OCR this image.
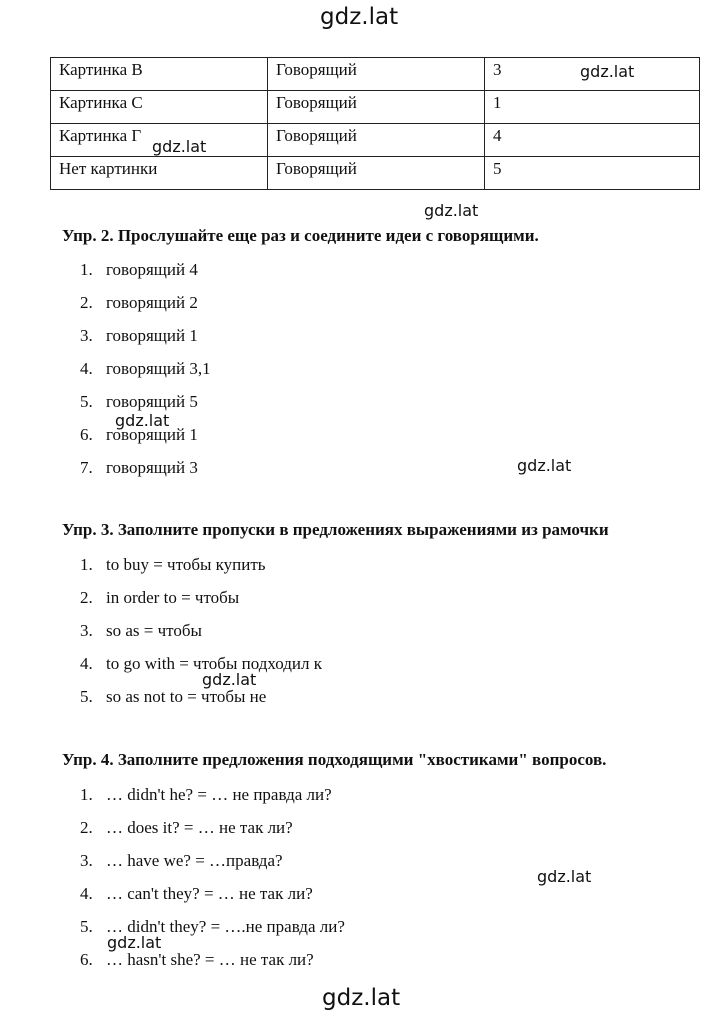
gdz.lat
gdz.lat
gdz.lat
gdz.lat
gdz.lat
gdz.lat
gdz.lat
gdz.lat
gdz.lat
gdz.lat
Картинка B	Говорящий	3
Картинка C	Говорящий	1
Картинка Г	Говорящий	4
Нет картинки	Говорящий	5
Упр. 2. Прослушайте еще раз и соедините идеи с говорящими.
1. говорящий 4
2. говорящий 2
3. говорящий 1
4. говорящий 3,1
5. говорящий 5
6. говорящий 1
7. говорящий 3
Упр. 3. Заполните пропуски в предложениях выражениями из рамочки
1. to buy = чтобы купить
2. in order to = чтобы
3. so as = чтобы
4. to go with = чтобы подходил к
5. so as not to = чтобы не
Упр. 4. Заполните предложения подходящими "хвостиками" вопросов.
1. … didn't he? = … не правда ли?
2. … does it? = … не так ли?
3. … have we? = …правда?
4. … can't they? = … не так ли?
5. … didn't they? = ….не правда ли?
6. … hasn't she? = … не так ли?
